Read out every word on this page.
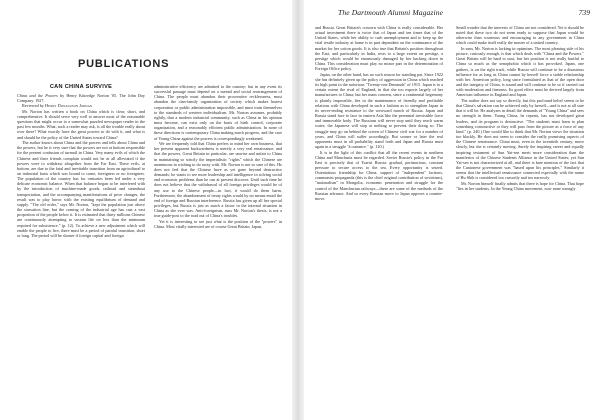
PUBLICATIONS
CAN CHINA SURVIVE

China and the Powers by Henry Kittredge Norton '05. The John Day Company. 1927.

Reviewed by Henry Donaldson Jordan

Mr. Norton has written a book on China which is clear, short, and comprehensive. It should serve very well to answer most of the reasonable questions that might occur to a somewhat puzzled newspaper reader in the past few months. What, such a reader may ask, is all the trouble really about over there? What exactly have the great powers to do with it, and what is and should be the policy of the United States toward China?

The author knows about China and the powers and tells about China and the powers, but he is very sure that the powers are not at bottom responsible for the present confusion of turmoil in China. Very many evils of which the Chinese and their friends complain would not be at all alleviated if the powers were to withdraw altogether from the Far East. These evils, at bottom, are due to the fatal and inevitable transition from an agricultural to an industrial basis which was bound to come, foreigners or no foreigners. The population of the country has for centuries been fed under a very delicate economic balance. When that balance began to be interfered with by the introduction of machine-made goods, railroad and steamboat transportation, and the accompanying manifestations of price changes, the result was to play havoc with the existing equilibrium of demand and supply. "The old order," says Mr. Norton, "kept the population just above the starvation line, but the coming of the industrial age has cast a vast proportion of the people below it. It is estimated that thirty millions Chinese are continuously attempting to sustain life on less than the minimum required for subsistence." (p. 12). To achieve a new adjustment which will enable the people to live, there must be a period of painful transition, short or long. The period will be shorter if foreign capital and foreign

administrative efficiency are admitted to the country; but in any event its successful passage must depend on a mental and social rearrangement of China. The people must abandon their procreative recklessness, must abandon the clan-family organization of society which makes honest corporation or public administration impossible, and must train themselves to the standards of western individualism. Mr. Norton assumes, probably rightly, that a modern industrial community, such as China in his opinion must become, can exist only on the basis of birth control, corporate organization, and a reasonably efficient public administration. In none of these directions is contemporary China making much progress, and the case of Young China against the powers is correspondingly weakened.

We are frequently told that China prefers to mind her own business, that her present apparent backwardness is merely a very real renaissance, and that the powers, Great Britain in particular, are unwise and unfair to China in maintaining so strictly the imperialistic "rights" which the Chinese are unanimous in wishing to do away with. Mr. Norton is not so sure of this. He does not feel that the Chinese have as yet gone beyond destructive demands; he wants to see more leadership and intelligence in solving social and economic problems than he can at present discover. Until such time he does not believe that the withdrawal of all foreign privileges would be of any use to the Chinese people—in fact, it would do them harm. Furthermore, the abandonment of treaty rights would by no means entail the end of foreign and Russian interference. Russia has given up all her special privileges, but Russia is just as much a factor in the internal situation in China as she ever was. Anti-foreignism, runs Mr. Norton's thesis, is not a true guide-post to the road out of China's troubles.

Yet it is interesting to see just what is the position of the "powers" in China. Most vitally interested are of course Great Britain, Japan,

The Dartmouth Alumni Magazine	739

and Russia. Great Britain's concern with China is really considerable. Her actual investment there is twice that of Japan and ten times that of the United States, while her ability to curb unemployment and to keep up the vital textile industry at home is in part dependent on the continuance of the market for her cotton goods. It is also true that Britain's position throughout the East, and particularly in India, rests to a large extent on prestige, a prestige which would be enormously damaged by her backing down in China. This consideration must play no minor part in the determination of Foreign Office policy.

Japan, on the other hand, has no such reason for standing pat. Since 1922 she has definitely given up the policy of aggression in China which reached its high point in the notorious "Twenty-one Demands" of 1915. Japan is to a certain extent the rival of England, in that she too exports largely of her manufactures to China; but her main concern, since a continental hegemony is plainly impossible, lies in the maintenance of friendly and profitable relations with China developed in such a fashion as to strengthen Japan in its never-ending resistance to the westward march of Russia. Japan and Russia stand face to face in eastern Asia like the perennial irresistible force and immovable body. The Russians will never stop until they reach warm water; the Japanese will stop at nothing to prevent their doing so. The struggle may go on behind the screen of Chinese civil war for a number of years, and China will suffer accordingly. But sooner or later the real opponents must in all probability stand forth and Japan and Russia must again in a struggle "à outrance." (p. 120.)

It is in the light of this conflict that all the recent events in northern China and Manchuria must be regarded. Soviet Russia's policy in the Far East is precisely that of Tsarist Russia: gradual, pertinacious, constant pressure to secure access to the sea. Every opportunity is seized. Ostentatious friendship for China, support of "independent" factions, communist propaganda (this is the chief original contribution of sovietism), "nationalism" in Mongolia, economic penetration and struggle for the control of the Manchurian railways—these are some of the methods of the Russian advance. And so every Russian move to Japan opposes a counter-move.

Small wonder that the interests of China are not considered. Yet it should be noted that these two do not seem ready to suppose that Japan would be otherwise than courteous and encouraging to any government in China which could make itself really the master of a united country.

In sum, Mr. Norton is lacking in optimism. The most pleasing side of his picture, curiously enough, is that which deals with "China and the Powers." Great Britain will be hard to oust, but her position is not really hurtful to China so much as the xenophobia which it has provoked. Japan, one gathers, is on the right track, while Russia will continue to be a disastrous influence for as long as China cannot by herself force a stable relationship with her. American policy, long since formulated as that of the open door and the integrity of China, is sound and will continue to be so if carried out with moderation and firmness. Its good effect must be derived largely from American influence in England and Japan.

The author does not say so directly, but this profound belief seems to be that China's salvation can be achieved only by herself—and is not at all sure that it will be. He analyzes in detail the demands of "Young China" and sees no strength in them. Young China, he repeats, has not developed great leaders, and its program is destructive. "The students must learn to plan something constructive or they will pass from the picture as a force of any kind." (p. 240.) One would like to think that Mr. Norton views the situation too blackly. He does not seem to consider the really promising aspects of the Chinese renaissance. China must, even in the twentieth century, move slowly, but she is certainly moving. Surely the inspiring career and equally inspiring testament of Sun Yat-sen merit more consideration than the manifestos of the Chinese Students Alliance in the United States; yet Sun Yat-sen is not characterized at all, and there is bare mention of the fact that the Cantonese government was "based upon his principles." Similarly it seems that the intellectual renaissance connected especially with the name of Hu Shih is considered too cursorily and too narrowly.

Mr. Norton himself finally admits that there is hope for China. That hope "lies in her students. In the Young China movement, now none strongly
